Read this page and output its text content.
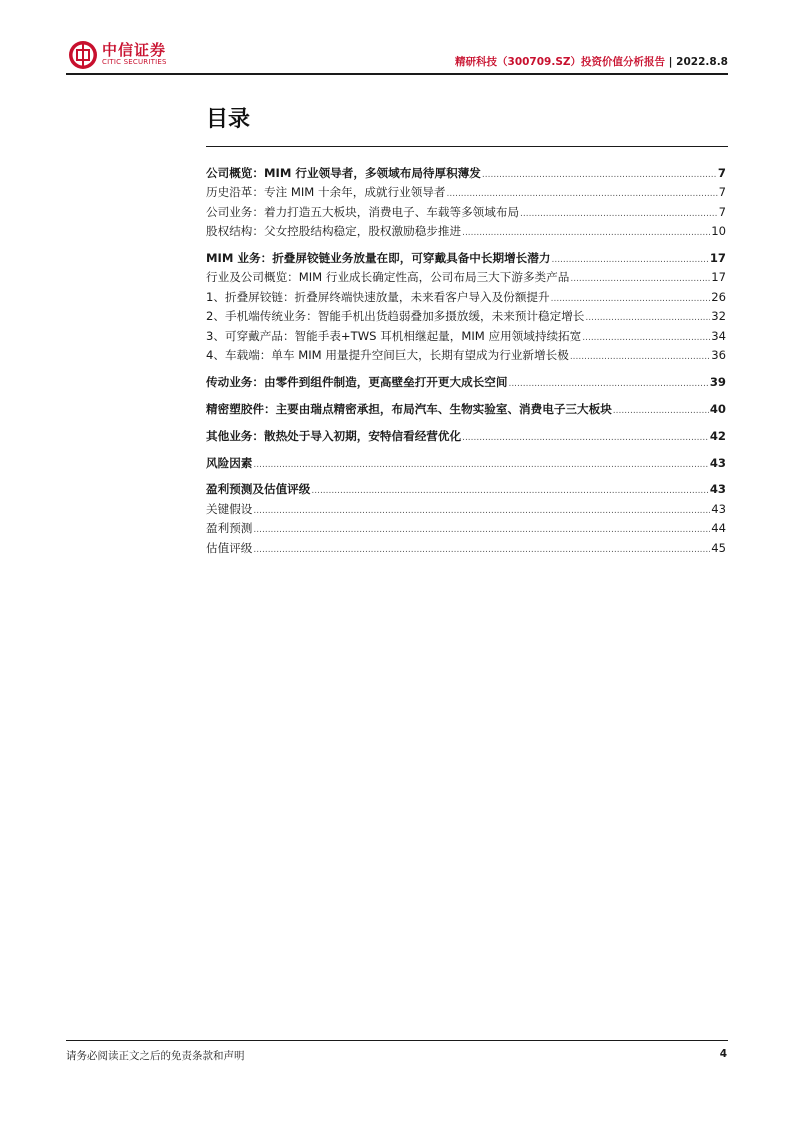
中信证券
CITIC SECURITIES	精研科技（300709.SZ）投资价值分析报告 | 2022.8.8
目录
公司概览：MIM 行业领导者，多领域布局待厚积薄发 .....	7
历史沿革：专注 MIM 十余年，成就行业领导者 .....	7
公司业务：着力打造五大板块，消费电子、车载等多领域布局 .....	7
股权结构：父女控股结构稳定，股权激励稳步推进 .....	10
MIM 业务：折叠屏铰链业务放量在即，可穿戴具备中长期增长潜力 .....	17
行业及公司概览：MIM 行业成长确定性高，公司布局三大下游多类产品 .....	17
1、折叠屏铰链：折叠屏终端快速放量，未来看客户导入及份额提升 .....	26
2、手机端传统业务：智能手机出货趋弱叠加多摄放缓，未来预计稳定增长 .....	32
3、可穿戴产品：智能手表+TWS 耳机相继起量，MIM 应用领域持续拓宽 .....	34
4、车载端：单车 MIM 用量提升空间巨大，长期有望成为行业新增长极 .....	36
传动业务：由零件到组件制造，更高壁垒打开更大成长空间 .....	39
精密塑胶件：主要由瑞点精密承担，布局汽车、生物实验室、消费电子三大板块 .....	40
其他业务：散热处于导入初期，安特信看经营优化 .....	42
风险因素 .....	43
盈利预测及估值评级 .....	43
关键假设 .....	43
盈利预测 .....	44
估值评级 .....	45
请务必阅读正文之后的免责条款和声明	4
